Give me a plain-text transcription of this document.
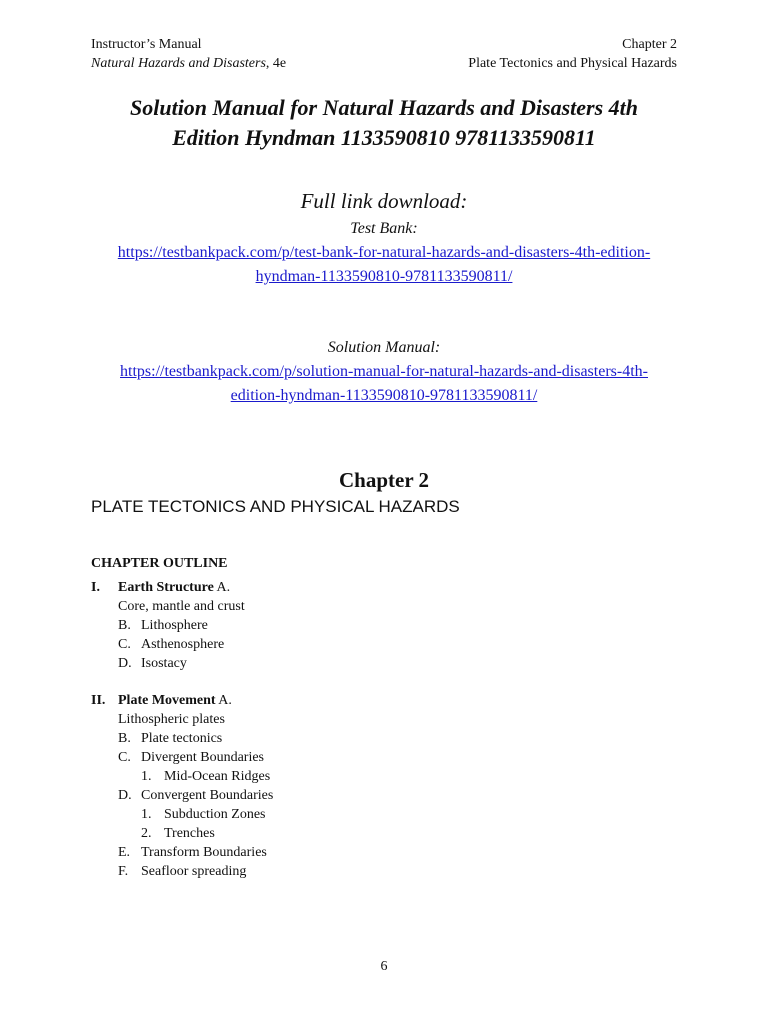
Instructor’s Manual
Natural Hazards and Disasters, 4e
Chapter 2
Plate Tectonics and Physical Hazards
Solution Manual for Natural Hazards and Disasters 4th
Edition Hyndman 1133590810 9781133590811
Full link download:
Test Bank:
https://testbankpack.com/p/test-bank-for-natural-hazards-and-disasters-4th-edition-
hyndman-1133590810-9781133590811/
Solution Manual:
https://testbankpack.com/p/solution-manual-for-natural-hazards-and-disasters-4th-
edition-hyndman-1133590810-9781133590811/
Chapter 2
PLATE TECTONICS AND PHYSICAL HAZARDS
CHAPTER OUTLINE
I. Earth Structure A.
Core, mantle and crust
B. Lithosphere
C. Asthenosphere
D. Isostacy
II. Plate Movement A.
Lithospheric plates
B. Plate tectonics
C. Divergent Boundaries
1. Mid-Ocean Ridges
D. Convergent Boundaries
1. Subduction Zones
2. Trenches
E. Transform Boundaries
F. Seafloor spreading
6
